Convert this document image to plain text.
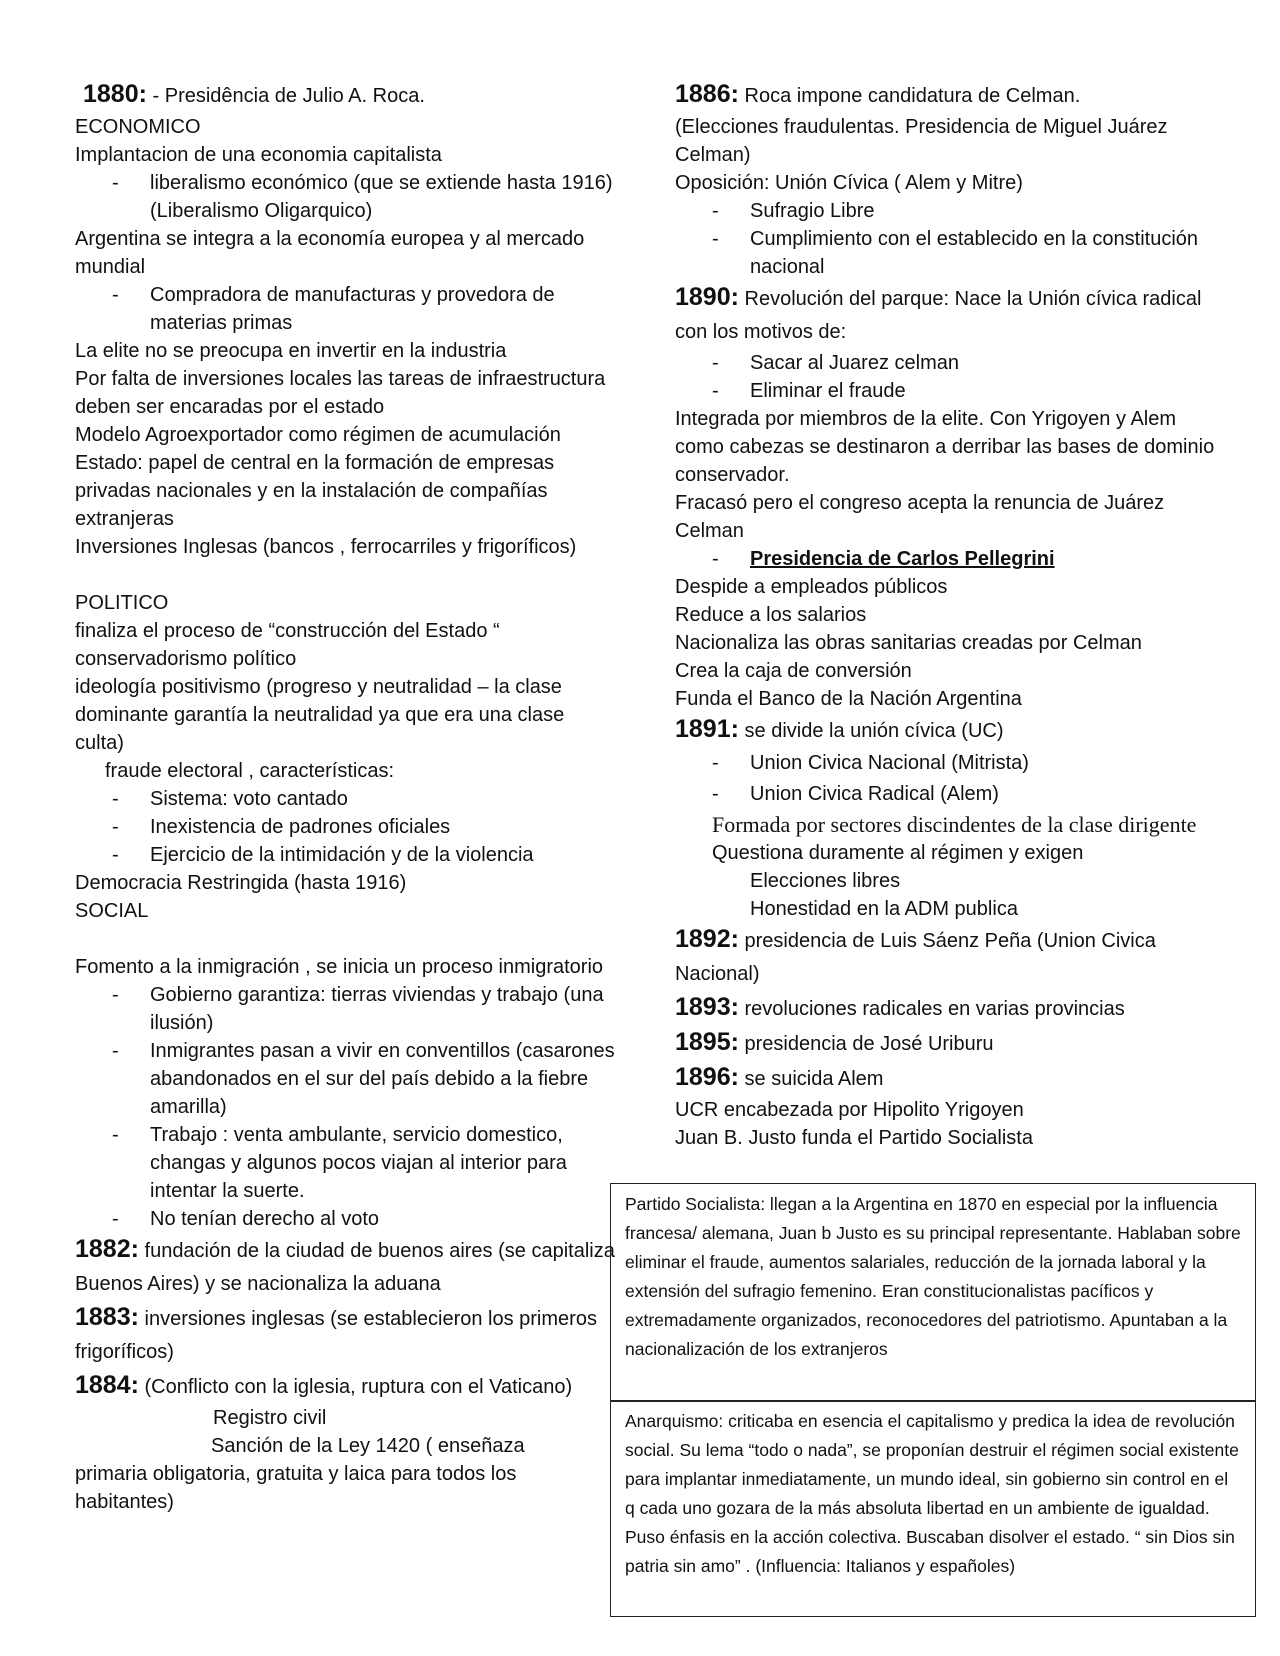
1880: - Presidência de Julio A. Roca.

ECONOMICO

Implantacion de una economia capitalista

- liberalismo económico (que se extiende hasta 1916) (Liberalismo Oligarquico)

Argentina se integra a la economía europea y al mercado mundial

- Compradora de manufacturas y provedora de materias primas

La elite no se preocupa en invertir en la industria

Por falta de inversiones locales las tareas de infraestructura deben ser encaradas por el estado

Modelo Agroexportador como régimen de acumulación

Estado: papel de central en la formación de empresas privadas nacionales y en la instalación de compañías extranjeras

Inversiones Inglesas (bancos , ferrocarriles y frigoríficos)

POLITICO

finaliza el proceso de “construcción del Estado “

conservadorismo político

ideología positivismo (progreso y neutralidad – la clase dominante garantía la neutralidad ya que era una clase culta)

fraude electoral , características:

- Sistema: voto cantado

- Inexistencia de padrones oficiales

- Ejercicio de la intimidación y de la violencia

Democracia Restringida (hasta 1916)

SOCIAL

Fomento a la inmigración , se inicia un proceso inmigratorio

- Gobierno garantiza: tierras viviendas y trabajo (una ilusión)

- Inmigrantes pasan a vivir en conventillos (casarones abandonados en el sur del país debido a la fiebre amarilla)

- Trabajo : venta ambulante, servicio domestico, changas y algunos pocos viajan al interior para intentar la suerte.

- No tenían derecho al voto

1882: fundación de la ciudad de buenos aires (se capitaliza Buenos Aires) y se nacionaliza la aduana

1883: inversiones inglesas (se establecieron los primeros frigoríficos)

1884: (Conflicto con la iglesia, ruptura con el Vaticano)

Registro civil

Sanción de la Ley 1420 ( enseñaza

primaria obligatoria, gratuita y laica para todos los habitantes)

1886: Roca impone candidatura de Celman.

(Elecciones fraudulentas. Presidencia de Miguel Juárez Celman)

Oposición: Unión Cívica ( Alem y Mitre)

- Sufragio Libre

- Cumplimiento con el establecido en la constitución nacional

1890: Revolución del parque: Nace la Unión cívica radical con los motivos de:

- Sacar al Juarez celman

- Eliminar el fraude

Integrada por miembros de la elite. Con Yrigoyen y Alem como cabezas se destinaron a derribar las bases de dominio conservador.

Fracasó pero el congreso acepta la renuncia de Juárez Celman

- Presidencia de Carlos Pellegrini

Despide a empleados públicos

Reduce a los salarios

Nacionaliza las obras sanitarias creadas por Celman

Crea la caja de conversión

Funda el Banco de la Nación Argentina

1891: se divide la unión cívica (UC)

- Union Civica Nacional (Mitrista)

- Union Civica Radical (Alem)

Formada por sectores discindentes de la clase dirigente

Questiona duramente al régimen y exigen

Elecciones libres

Honestidad en la ADM publica

1892: presidencia de Luis Sáenz Peña (Union Civica Nacional)

1893: revoluciones radicales en varias provincias

1895: presidencia de José Uriburu

1896: se suicida Alem

UCR encabezada por Hipolito Yrigoyen

Juan B. Justo funda el Partido Socialista

Partido Socialista: llegan a la Argentina en 1870 en especial por la influencia francesa/ alemana, Juan b Justo es su principal representante. Hablaban sobre eliminar el fraude, aumentos salariales, reducción de la jornada laboral y la extensión del sufragio femenino. Eran constitucionalistas pacíficos y extremadamente organizados, reconocedores del patriotismo. Apuntaban a la nacionalización de los extranjeros
Anarquismo: criticaba en esencia el capitalismo y predica la idea de revolución social. Su lema “todo o nada”, se proponían destruir el régimen social existente para implantar inmediatamente, un mundo ideal, sin gobierno sin control en el q cada uno gozara de la más absoluta libertad en un ambiente de igualdad. Puso énfasis en la acción colectiva. Buscaban disolver el estado. “ sin Dios sin patria sin amo” . (Influencia: Italianos y españoles)
